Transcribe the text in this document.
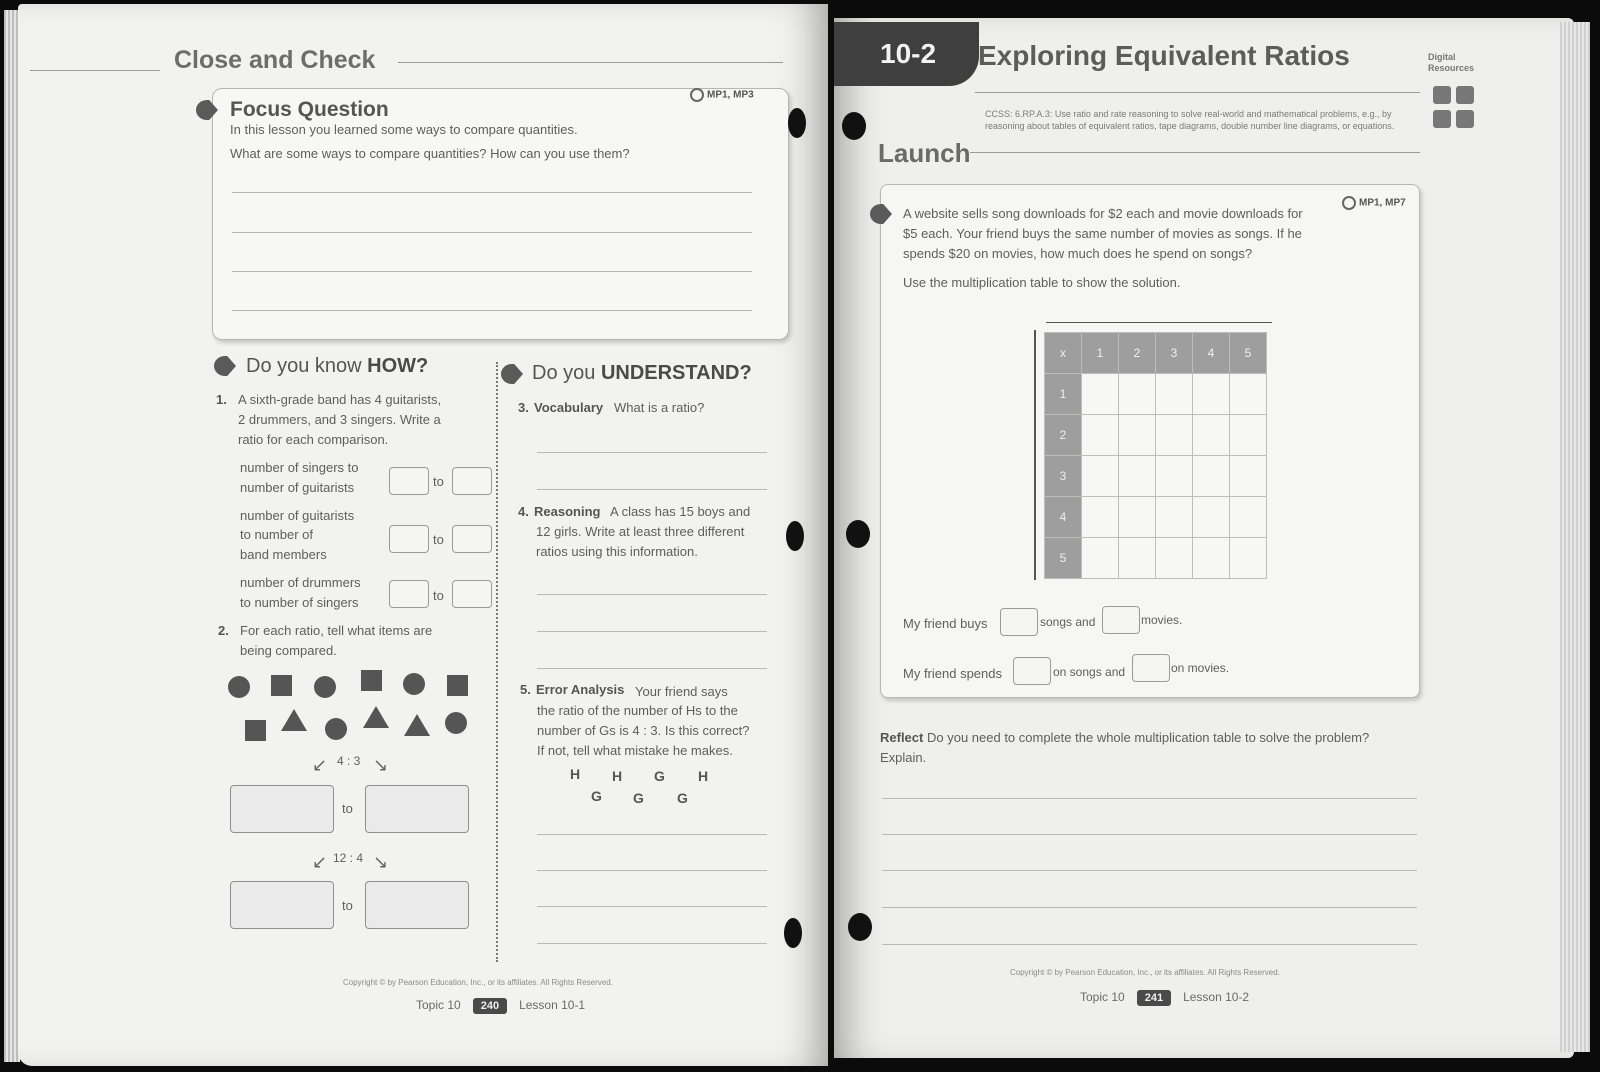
Close and Check
Focus Question
MP1, MP3
In this lesson you learned some ways to compare quantities.
What are some ways to compare quantities? How can you use them?
Do you know HOW?
1. A sixth-grade band has 4 guitarists,
2 drummers, and 3 singers. Write a
ratio for each comparison.
number of singers to
number of guitarists	to
number of guitarists
to number of
band members
to
number of drummers
to number of singers	to
2. For each ratio, tell what items are
being compared.
↙ 4 : 3 ↘
to
↙ 12 : 4 ↘
to
Do you UNDERSTAND?
3. Vocabulary What is a ratio?
4. Reasoning A class has 15 boys and
12 girls. Write at least three different
ratios using this information.
5. Error Analysis Your friend says
the ratio of the number of Hs to the
number of Gs is 4 : 3. Is this correct?
If not, tell what mistake he makes.
H H G H
G G G
Copyright © by Pearson Education, Inc., or its affiliates. All Rights Reserved.
Topic 10 240 Lesson 10-1
10-2 Exploring Equivalent Ratios	Digital
Resources
CCSS: 6.RP.A.3: Use ratio and rate reasoning to solve real-world and mathematical problems, e.g., by reasoning about tables of equivalent ratios, tape diagrams, double number line diagrams, or equations.
Launch
MP1, MP7
A website sells song downloads for $2 each and movie downloads for
$5 each. Your friend buys the same number of movies as songs. If he
spends $20 on movies, how much does he spend on songs?
Use the multiplication table to show the solution.
x	1	2	3	4	5
1					
2					
3					
4					
5					
My friend buys	songs and	movies.
My friend spends	on songs and	on movies.
Reflect Do you need to complete the whole multiplication table to solve the problem?
Explain.
Copyright © by Pearson Education, Inc., or its affiliates. All Rights Reserved.
Topic 10 241 Lesson 10-2
